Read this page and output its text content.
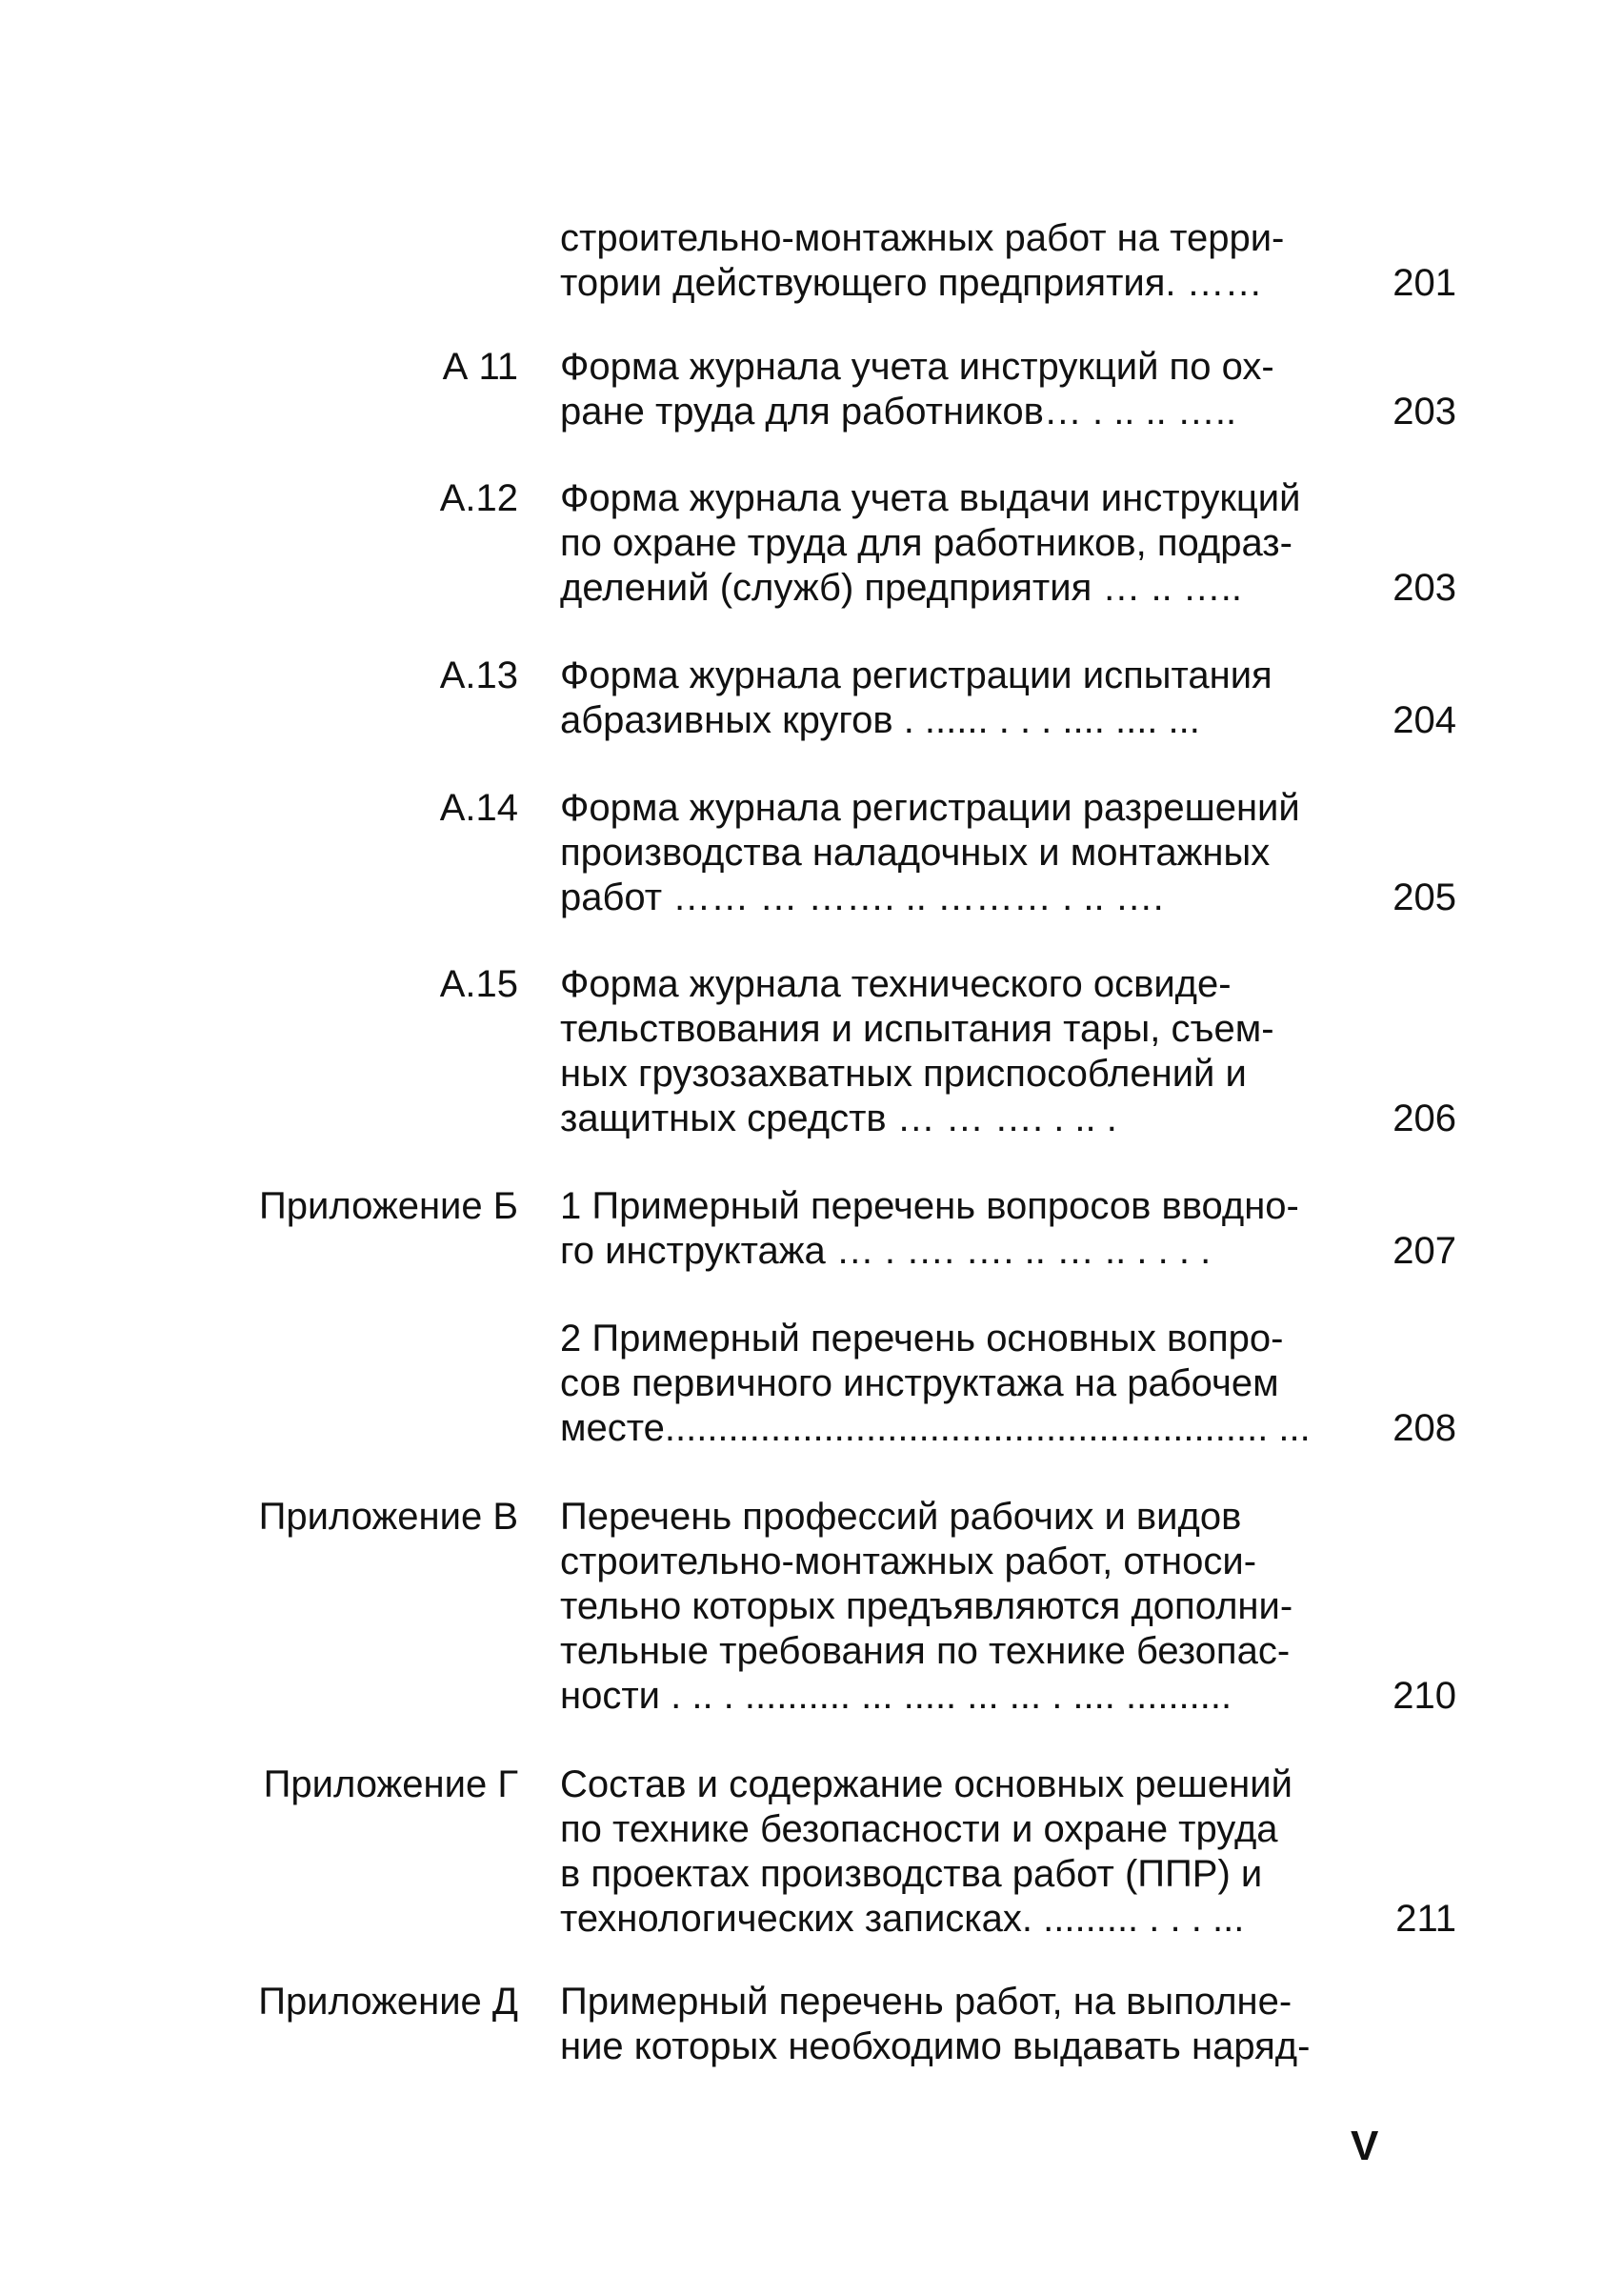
строительно-монтажных работ на терри-
тории действующего предприятия. ……	201
А 11 Форма журнала учета инструкций по ох-
ране труда для работников… . .. .. …..	203
А.12 Форма журнала учета выдачи инструкций
по охране труда для работников, подраз-
делений (служб) предприятия … .. …..	203
А.13 Форма журнала регистрации испытания
абразивных кругов . ...... . . . .... .... ...	204
А.14 Форма журнала регистрации разрешений
производства наладочных и монтажных
работ …… … ……. .. ……… . .. ….	205
А.15 Форма журнала технического освиде-
тельствования и испытания тары, съем-
ных грузозахватных приспособлений и
защитных средств … … …. . .. .	206
Приложение Б 1 Примерный перечень вопросов вводно-
го инструктажа … . …. …. .. … .. . . . .	207
2 Примерный перечень основных вопро-
сов первичного инструктажа на рабочем
месте......................................................... ...	208
Приложение В Перечень профессий рабочих и видов
строительно-монтажных работ, относи-
тельно которых предъявляются дополни-
тельные требования по технике безопас-
ности . .. . .......... ... ..... ... ... . .... ..........	210
Приложение Г Состав и содержание основных решений
по технике безопасности и охране труда
в проектах производства работ (ППР) и
технологических записках. ......... . . . ...	211
Приложение Д Примерный перечень работ, на выполне-
ние которых необходимо выдавать наряд-
V
